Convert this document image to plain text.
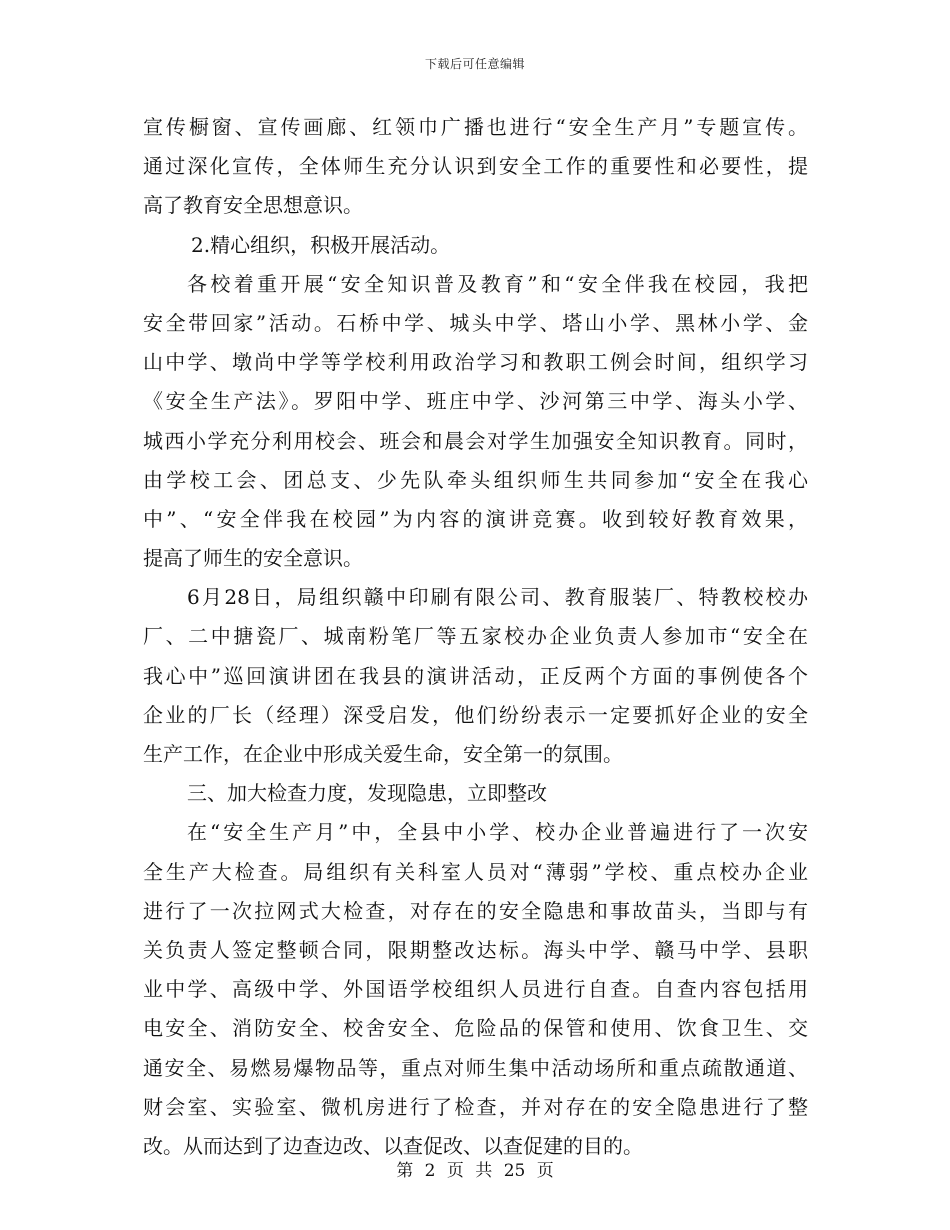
下载后可任意编辑
宣传橱窗、宣传画廊、红领巾广播也进行“安全生产月”专题宣传。
通过深化宣传，全体师生充分认识到安全工作的重要性和必要性，提
高了教育安全思想意识。
2.精心组织，积极开展活动。
各校着重开展“安全知识普及教育”和“安全伴我在校园，我把
安全带回家”活动。石桥中学、城头中学、塔山小学、黑林小学、金
山中学、墩尚中学等学校利用政治学习和教职工例会时间，组织学习
《安全生产法》。罗阳中学、班庄中学、沙河第三中学、海头小学、
城西小学充分利用校会、班会和晨会对学生加强安全知识教育。同时，
由学校工会、团总支、少先队牵头组织师生共同参加“安全在我心
中”、“安全伴我在校园”为内容的演讲竞赛。收到较好教育效果，
提高了师生的安全意识。
6月28日，局组织赣中印刷有限公司、教育服装厂、特教校校办
厂、二中搪瓷厂、城南粉笔厂等五家校办企业负责人参加市“安全在
我心中”巡回演讲团在我县的演讲活动，正反两个方面的事例使各个
企业的厂长（经理）深受启发，他们纷纷表示一定要抓好企业的安全
生产工作，在企业中形成关爱生命，安全第一的氛围。
三、加大检查力度，发现隐患，立即整改
在“安全生产月”中，全县中小学、校办企业普遍进行了一次安
全生产大检查。局组织有关科室人员对“薄弱”学校、重点校办企业
进行了一次拉网式大检查，对存在的安全隐患和事故苗头，当即与有
关负责人签定整顿合同，限期整改达标。海头中学、赣马中学、县职
业中学、高级中学、外国语学校组织人员进行自查。自查内容包括用
电安全、消防安全、校舍安全、危险品的保管和使用、饮食卫生、交
通安全、易燃易爆物品等，重点对师生集中活动场所和重点疏散通道、
财会室、实验室、微机房进行了检查，并对存在的安全隐患进行了整
改。从而达到了边查边改、以查促改、以查促建的目的。
第 2 页 共 25 页
